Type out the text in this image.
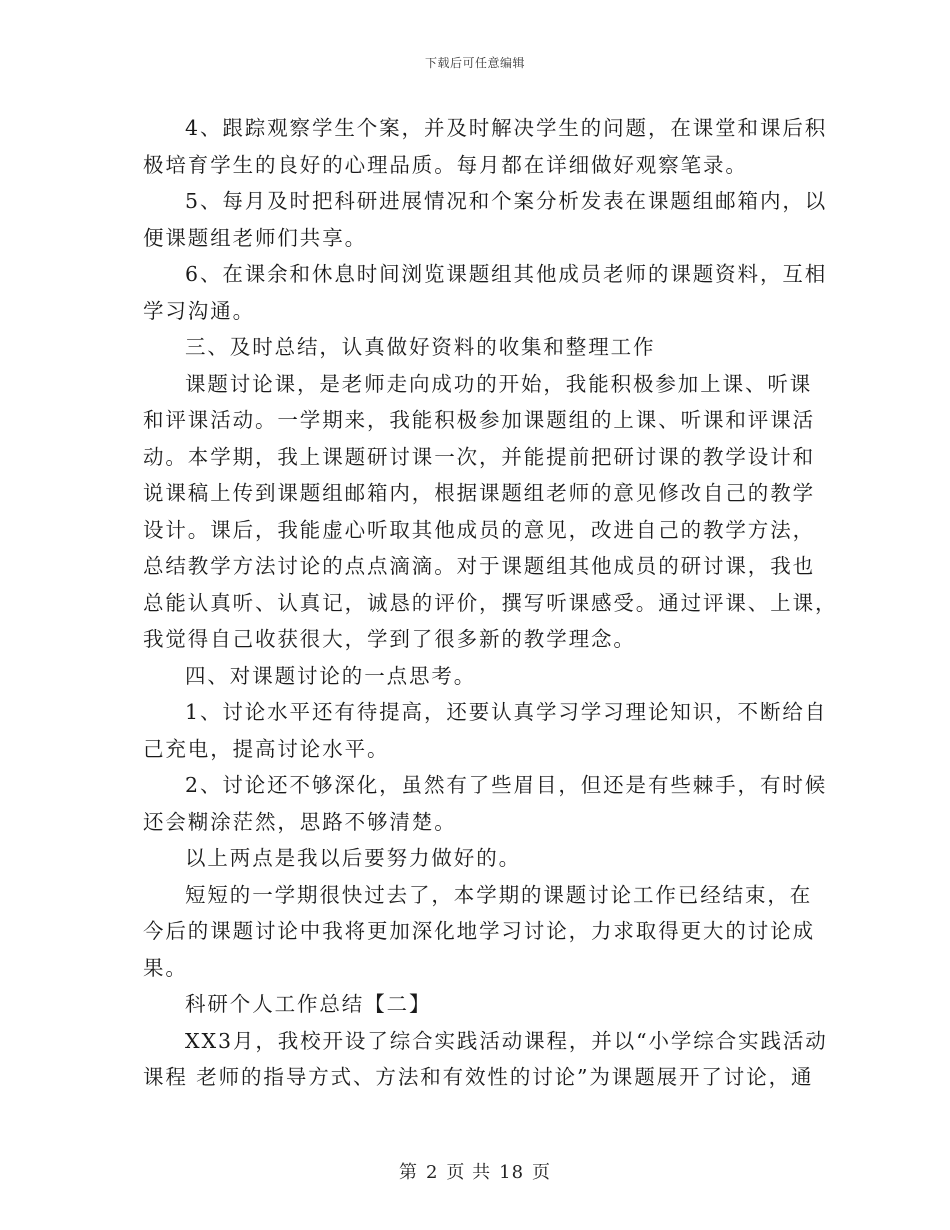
下载后可任意编辑
4、跟踪观察学生个案，并及时解决学生的问题，在课堂和课后积
极培育学生的良好的心理品质。每月都在详细做好观察笔录。
5、每月及时把科研进展情况和个案分析发表在课题组邮箱内，以
便课题组老师们共享。
6、在课余和休息时间浏览课题组其他成员老师的课题资料，互相
学习沟通。
三、及时总结，认真做好资料的收集和整理工作
课题讨论课，是老师走向成功的开始，我能积极参加上课、听课
和评课活动。一学期来，我能积极参加课题组的上课、听课和评课活
动。本学期，我上课题研讨课一次，并能提前把研讨课的教学设计和
说课稿上传到课题组邮箱内，根据课题组老师的意见修改自己的教学
设计。课后，我能虚心听取其他成员的意见，改进自己的教学方法，
总结教学方法讨论的点点滴滴。对于课题组其他成员的研讨课，我也
总能认真听、认真记，诚恳的评价，撰写听课感受。通过评课、上课，
我觉得自己收获很大，学到了很多新的教学理念。
四、对课题讨论的一点思考。
1、讨论水平还有待提高，还要认真学习学习理论知识，不断给自
己充电，提高讨论水平。
2、讨论还不够深化，虽然有了些眉目，但还是有些棘手，有时候
还会糊涂茫然，思路不够清楚。
以上两点是我以后要努力做好的。
短短的一学期很快过去了，本学期的课题讨论工作已经结束，在
今后的课题讨论中我将更加深化地学习讨论，力求取得更大的讨论成
果。
科研个人工作总结【二】
XX3月，我校开设了综合实践活动课程，并以“小学综合实践活动
课程 老师的指导方式、方法和有效性的讨论”为课题展开了讨论，通
第 2 页 共 18 页
